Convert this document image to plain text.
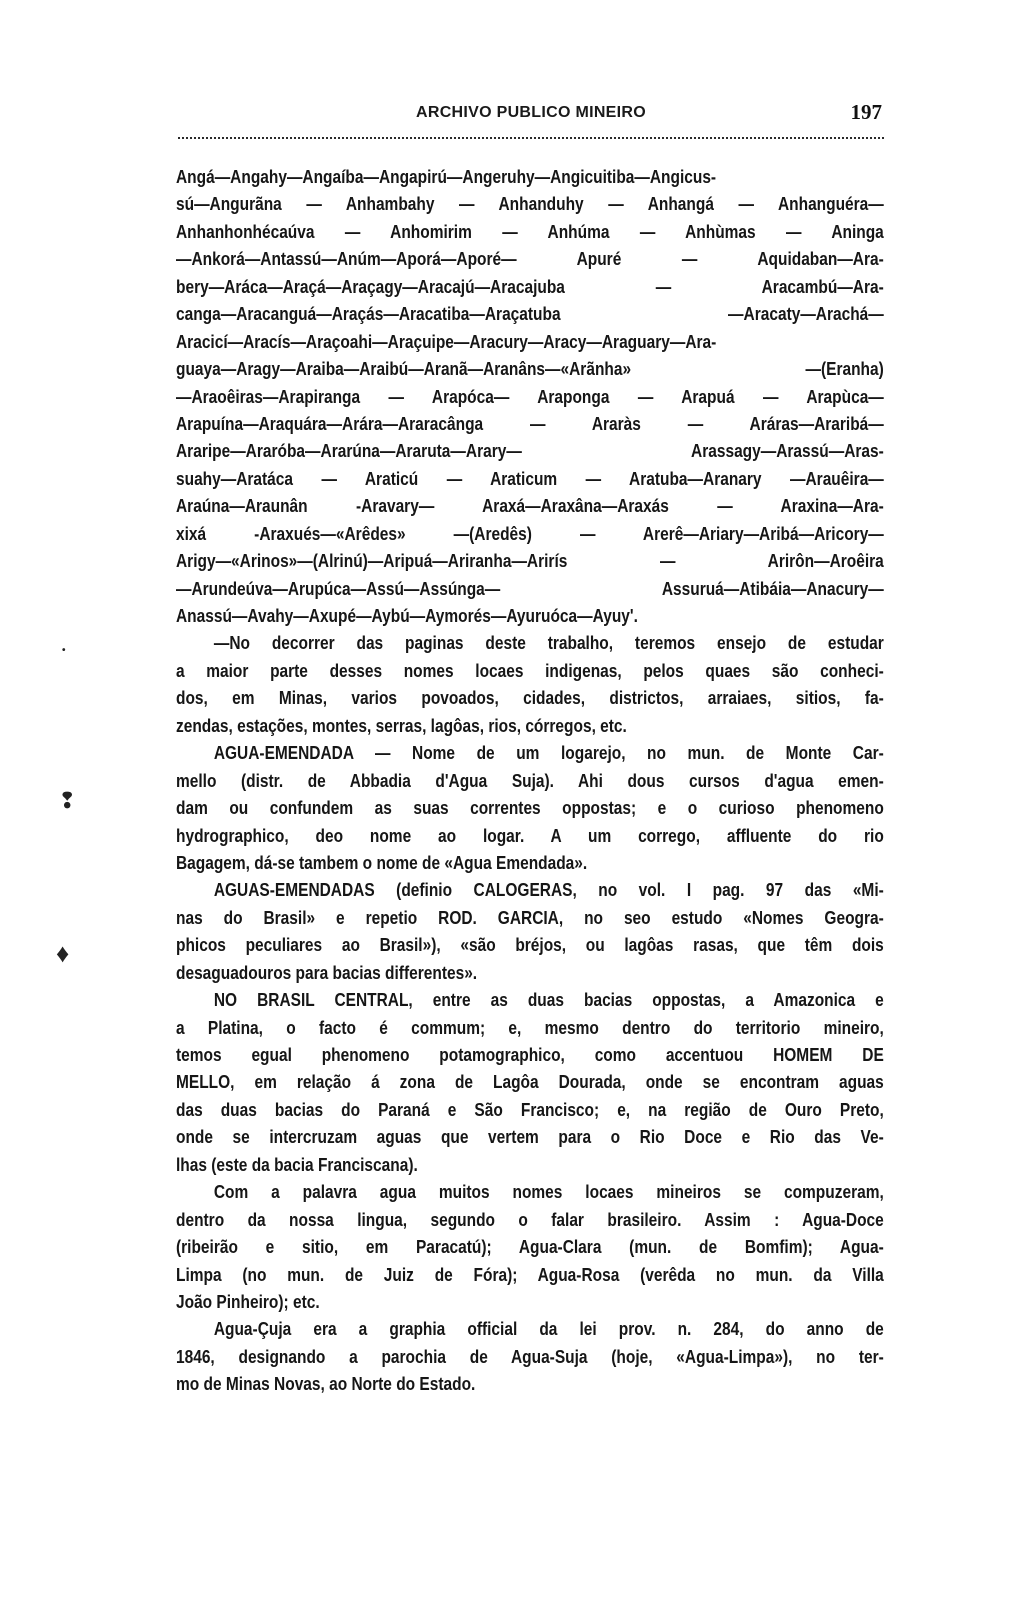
ARCHIVO PUBLICO MINEIRO	197
•
❢
♦
Angá—Angahy—Angaíba—Angapirú—Angeruhy—Angicuitiba—Angicus-
sú—Angurãna — Anhambahy — Anhanduhy — Anhangá — Anhanguéra—
Anhanhonhécaúva — Anhomirim — Anhúma — Anhùmas — Aninga
—Ankorá—Antassú—Anúm—Aporá—Aporé— Apuré — Aquidaban—Ara-
bery—Aráca—Araçá—Araçagy—Aracajú—Aracajuba — Aracambú—Ara-
canga—Aracanguá—Araçás—Aracatiba—Araçatuba —Aracaty—Arachá—
Aracicí—Aracís—Araçoahi—Araçuipe—Aracury—Aracy—Araguary—Ara-
guaya—Aragy—Araiba—Araibú—Aranã—Aranâns—«Arãnha» —(Eranha)
—Araoêiras—Arapiranga — Arapóca— Araponga — Arapuá — Arapùca—
Arapuína—Araquára—Arára—Araracânga — Araràs — Aráras—Araribá—
Araripe—Araróba—Ararúna—Araruta—Arary— Arassagy—Arassú—Aras-
suahy—Aratáca — Araticú — Araticum — Aratuba—Aranary —Arauêira—
Araúna—Araunân -Aravary— Araxá—Araxâna—Araxás — Araxina—Ara-
xixá -Araxués—«Arêdes» —(Aredês) — Arerê—Ariary—Aribá—Aricory—
Arigy—«Arinos»—(Alrinú)—Aripuá—Ariranha—Arirís — Arirôn—Aroêira
—Arundeúva—Arupúca—Assú—Assúnga— Assuruá—Atibáia—Anacury—
Anassú—Avahy—Axupé—Aybú—Aymorés—Ayuruóca—Ayuy'.
—No decorrer das paginas deste trabalho, teremos ensejo de estudar
a maior parte desses nomes locaes indigenas, pelos quaes são conheci-
dos, em Minas, varios povoados, cidades, districtos, arraiaes, sitios, fa-
zendas, estações, montes, serras, lagôas, rios, córregos, etc.
AGUA-EMENDADA — Nome de um logarejo, no mun. de Monte Car-
mello (distr. de Abbadia d'Agua Suja). Ahi dous cursos d'agua emen-
dam ou confundem as suas correntes oppostas; e o curioso phenomeno
hydrographico, deo nome ao logar. A um corrego, affluente do rio
Bagagem, dá-se tambem o nome de «Agua Emendada».
AGUAS-EMENDADAS (definio CALOGERAS, no vol. I pag. 97 das «Mi-
nas do Brasil» e repetio ROD. GARCIA, no seo estudo «Nomes Geogra-
phicos peculiares ao Brasil»), «são bréjos, ou lagôas rasas, que têm dois
desaguadouros para bacias differentes».
NO BRASIL CENTRAL, entre as duas bacias oppostas, a Amazonica e
a Platina, o facto é commum; e, mesmo dentro do territorio mineiro,
temos egual phenomeno potamographico, como accentuou HOMEM DE
MELLO, em relação á zona de Lagôa Dourada, onde se encontram aguas
das duas bacias do Paraná e São Francisco; e, na região de Ouro Preto,
onde se intercruzam aguas que vertem para o Rio Doce e Rio das Ve-
lhas (este da bacia Franciscana).
Com a palavra agua muitos nomes locaes mineiros se compuzeram,
dentro da nossa lingua, segundo o falar brasileiro. Assim : Agua-Doce
(ribeirão e sitio, em Paracatú); Agua-Clara (mun. de Bomfim); Agua-
Limpa (no mun. de Juiz de Fóra); Agua-Rosa (verêda no mun. da Villa
João Pinheiro); etc.
Agua-Çuja era a graphia official da lei prov. n. 284, do anno de
1846, designando a parochia de Agua-Suja (hoje, «Agua-Limpa»), no ter-
mo de Minas Novas, ao Norte do Estado.
